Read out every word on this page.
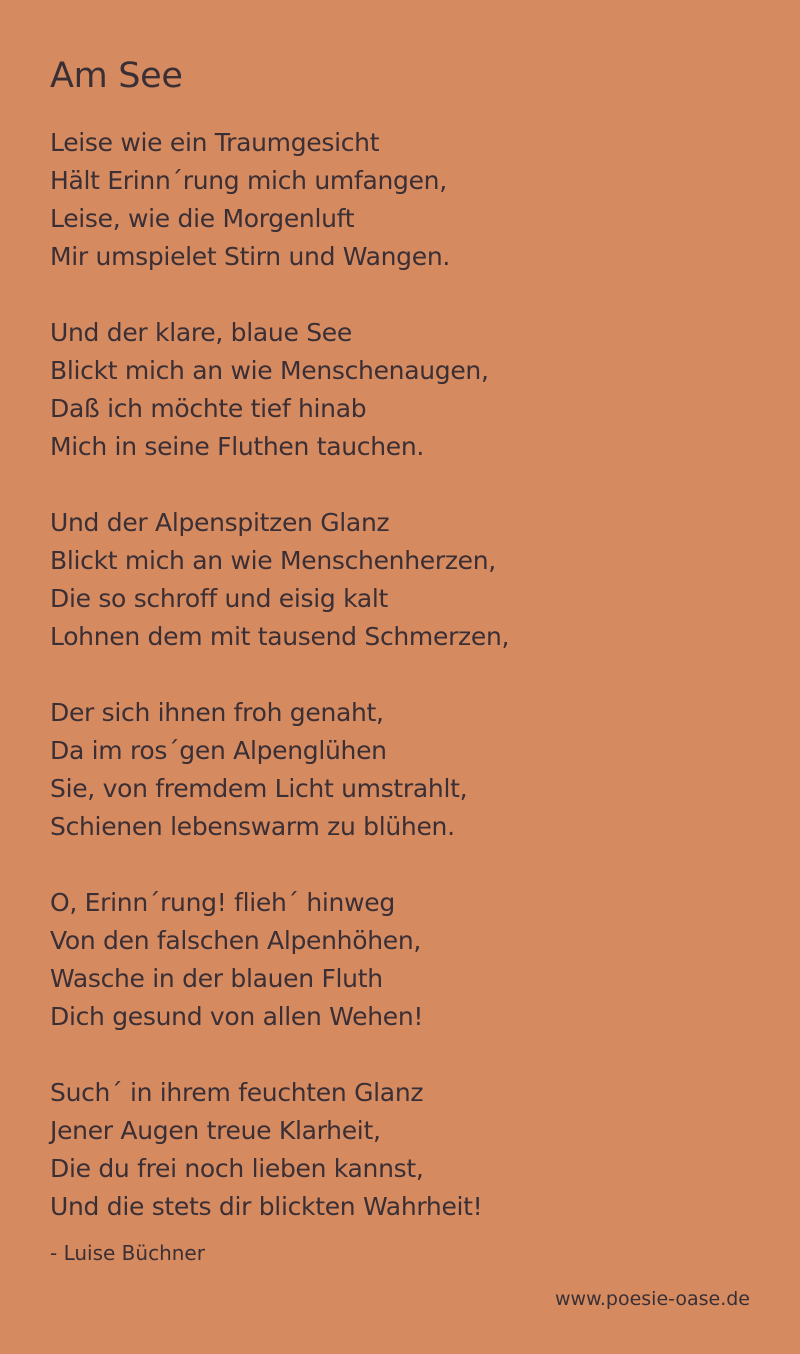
Am See
Leise wie ein Traumgesicht
Hält Erinn´rung mich umfangen,
Leise, wie die Morgenluft
Mir umspielet Stirn und Wangen.
Und der klare, blaue See
Blickt mich an wie Menschenaugen,
Daß ich möchte tief hinab
Mich in seine Fluthen tauchen.
Und der Alpenspitzen Glanz
Blickt mich an wie Menschenherzen,
Die so schroff und eisig kalt
Lohnen dem mit tausend Schmerzen,
Der sich ihnen froh genaht,
Da im ros´gen Alpenglühen
Sie, von fremdem Licht umstrahlt,
Schienen lebenswarm zu blühen.
O, Erinn´rung! flieh´ hinweg
Von den falschen Alpenhöhen,
Wasche in der blauen Fluth
Dich gesund von allen Wehen!
Such´ in ihrem feuchten Glanz
Jener Augen treue Klarheit,
Die du frei noch lieben kannst,
Und die stets dir blickten Wahrheit!
- Luise Büchner
www.poesie-oase.de
